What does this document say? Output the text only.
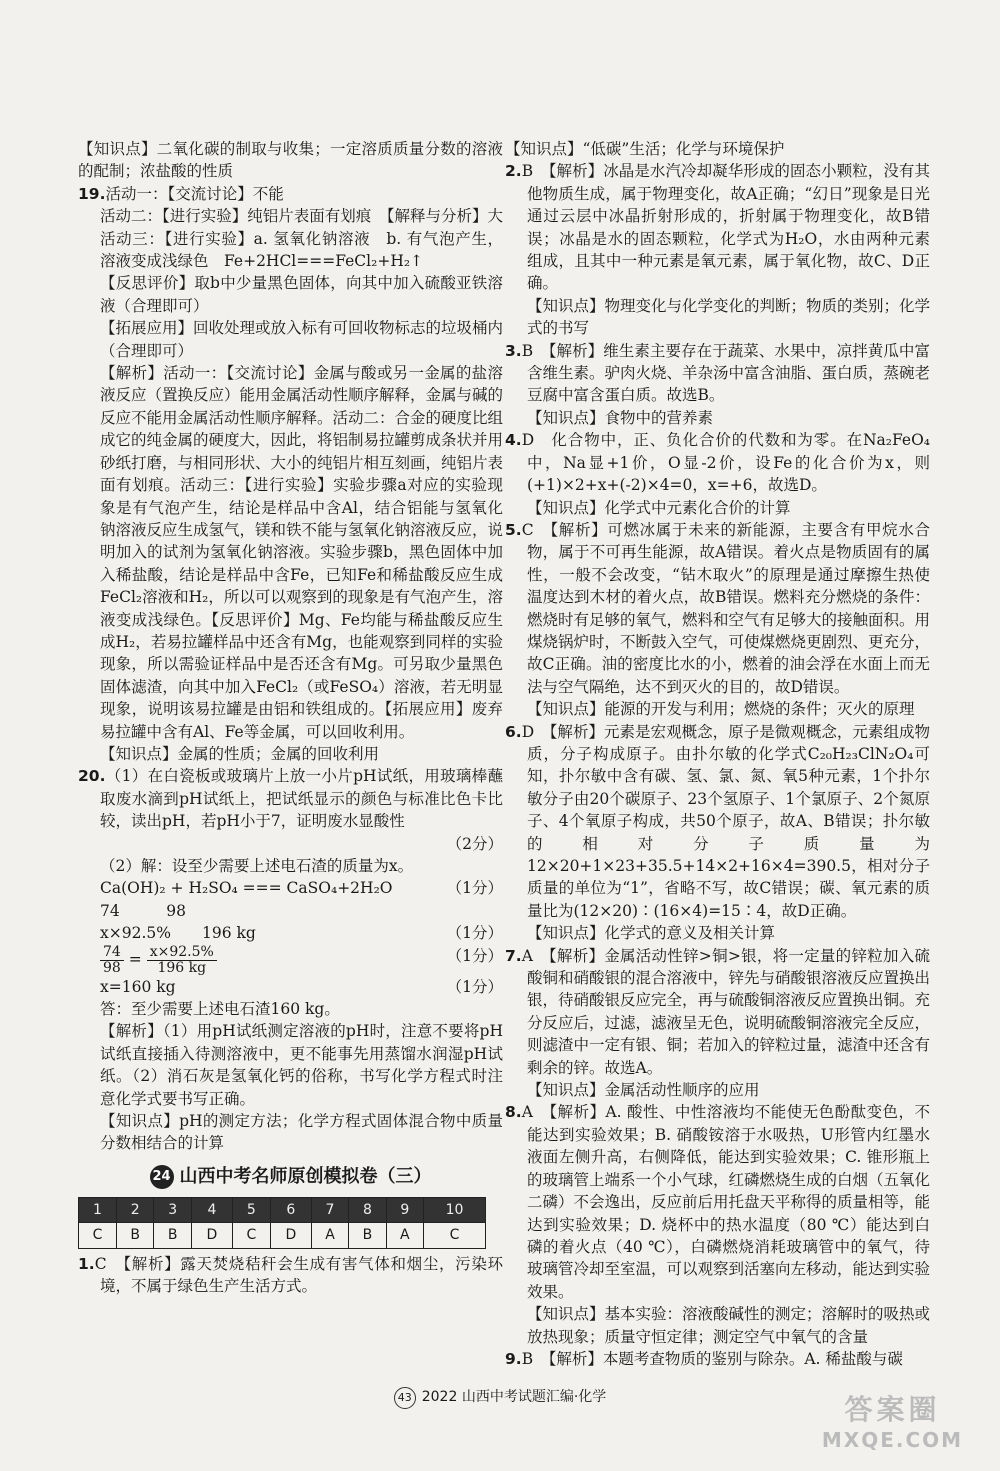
【知识点】二氧化碳的制取与收集；一定溶质质量分数的溶液的配制；浓盐酸的性质

19.活动一：【交流讨论】不能

活动二：【进行实验】纯铝片表面有划痕　【解释与分析】大

活动三：【进行实验】a. 氢氧化钠溶液　b. 有气泡产生，溶液变成浅绿色　Fe+2HCl===FeCl₂+H₂↑

【反思评价】取b中少量黑色固体，向其中加入硫酸亚铁溶液（合理即可）

【拓展应用】回收处理或放入标有可回收物标志的垃圾桶内（合理即可）

【解析】活动一：【交流讨论】金属与酸或另一金属的盐溶液反应（置换反应）能用金属活动性顺序解释，金属与碱的反应不能用金属活动性顺序解释。活动二：合金的硬度比组成它的纯金属的硬度大，因此，将铝制易拉罐剪成条状并用砂纸打磨，与相同形状、大小的纯铝片相互刻画，纯铝片表面有划痕。活动三：【进行实验】实验步骤a对应的实验现象是有气泡产生，结论是样品中含Al，结合铝能与氢氧化钠溶液反应生成氢气，镁和铁不能与氢氧化钠溶液反应，说明加入的试剂为氢氧化钠溶液。实验步骤b，黑色固体中加入稀盐酸，结论是样品中含Fe，已知Fe和稀盐酸反应生成FeCl₂溶液和H₂，所以可以观察到的现象是有气泡产生，溶液变成浅绿色。【反思评价】Mg、Fe均能与稀盐酸反应生成H₂，若易拉罐样品中还含有Mg，也能观察到同样的实验现象，所以需验证样品中是否还含有Mg。可另取少量黑色固体滤渣，向其中加入FeCl₂（或FeSO₄）溶液，若无明显现象，说明该易拉罐是由铝和铁组成的。【拓展应用】废弃易拉罐中含有Al、Fe等金属，可以回收利用。

【知识点】金属的性质；金属的回收利用

20.（1）在白瓷板或玻璃片上放一小片pH试纸，用玻璃棒蘸取废水滴到pH试纸上，把试纸显示的颜色与标准比色卡比较，读出pH，若pH小于7，证明废水显酸性

（2分）

（2）解：设至少需要上述电石渣的质量为x。

Ca(OH)₂ + H₂SO₄ === CaSO₄+2H₂O	（1分）
74　　　98
x×92.5%　　196 kg	（1分）
$\frac{74}{98} = \frac{x\times 92.5\%}{196 kg}$	（1分）
x=160 kg	（1分）

答：至少需要上述电石渣160 kg。

【解析】（1）用pH试纸测定溶液的pH时，注意不要将pH试纸直接插入待测溶液中，更不能事先用蒸馏水润湿pH试纸。（2）消石灰是氢氧化钙的俗称，书写化学方程式时注意化学式要书写正确。

【知识点】pH的测定方法；化学方程式固体混合物中质量分数相结合的计算

24 山西中考名师原创模拟卷（三）
1	2	3	4	5	6	7	8	9	10
C	B	B	D	C	D	A	B	A	C

1.C　【解析】露天焚烧秸秆会生成有害气体和烟尘，污染环境，不属于绿色生产生活方式。

【知识点】“低碳”生活；化学与环境保护

2.B　【解析】冰晶是水汽冷却凝华形成的固态小颗粒，没有其他物质生成，属于物理变化，故A正确；“幻日”现象是日光通过云层中冰晶折射形成的，折射属于物理变化，故B错误；冰晶是水的固态颗粒，化学式为H₂O，水由两种元素组成，且其中一种元素是氧元素，属于氧化物，故C、D正确。

【知识点】物理变化与化学变化的判断；物质的类别；化学式的书写

3.B　【解析】维生素主要存在于蔬菜、水果中，凉拌黄瓜中富含维生素。驴肉火烧、羊杂汤中富含油脂、蛋白质，蒸碗老豆腐中富含蛋白质。故选B。

【知识点】食物中的营养素

4.D　化合物中，正、负化合价的代数和为零。在Na₂FeO₄中，Na显+1价，O显-2价，设Fe的化合价为x，则(+1)×2+x+(-2)×4=0，x=+6，故选D。

【知识点】化学式中元素化合价的计算

5.C　【解析】可燃冰属于未来的新能源，主要含有甲烷水合物，属于不可再生能源，故A错误。着火点是物质固有的属性，一般不会改变，“钻木取火”的原理是通过摩擦生热使温度达到木材的着火点，故B错误。燃料充分燃烧的条件：燃烧时有足够的氧气，燃料和空气有足够大的接触面积。用煤烧锅炉时，不断鼓入空气，可使煤燃烧更剧烈、更充分，故C正确。油的密度比水的小，燃着的油会浮在水面上而无法与空气隔绝，达不到灭火的目的，故D错误。

【知识点】能源的开发与利用；燃烧的条件；灭火的原理

6.D　【解析】元素是宏观概念，原子是微观概念，元素组成物质，分子构成原子。由扑尔敏的化学式C₂₀H₂₃ClN₂O₄可知，扑尔敏中含有碳、氢、氯、氮、氧5种元素，1个扑尔敏分子由20个碳原子、23个氢原子、1个氯原子、2个氮原子、4个氧原子构成，共50个原子，故A、B错误；扑尔敏的相对分子质量为12×20+1×23+35.5+14×2+16×4=390.5，相对分子质量的单位为“1”，省略不写，故C错误；碳、氧元素的质量比为(12×20)∶(16×4)=15∶4，故D正确。

【知识点】化学式的意义及相关计算

7.A　【解析】金属活动性锌>铜>银，将一定量的锌粒加入硫酸铜和硝酸银的混合溶液中，锌先与硝酸银溶液反应置换出银，待硝酸银反应完全，再与硫酸铜溶液反应置换出铜。充分反应后，过滤，滤液呈无色，说明硫酸铜溶液完全反应，则滤渣中一定有银、铜；若加入的锌粒过量，滤渣中还含有剩余的锌。故选A。

【知识点】金属活动性顺序的应用

8.A　【解析】A. 酸性、中性溶液均不能使无色酚酞变色，不能达到实验效果；B. 硝酸铵溶于水吸热，U形管内红墨水液面左侧升高，右侧降低，能达到实验效果；C. 锥形瓶上的玻璃管上端系一个小气球，红磷燃烧生成的白烟（五氧化二磷）不会逸出，反应前后用托盘天平称得的质量相等，能达到实验效果；D. 烧杯中的热水温度（80 ℃）能达到白磷的着火点（40 ℃），白磷燃烧消耗玻璃管中的氧气，待玻璃管冷却至室温，可以观察到活塞向左移动，能达到实验效果。

【知识点】基本实验：溶液酸碱性的测定；溶解时的吸热或放热现象；质量守恒定律；测定空气中氧气的含量

9.B　【解析】本题考查物质的鉴别与除杂。A. 稀盐酸与碳

43 2022 山西中考试题汇编·化学	答案圈
MXQE.COM
